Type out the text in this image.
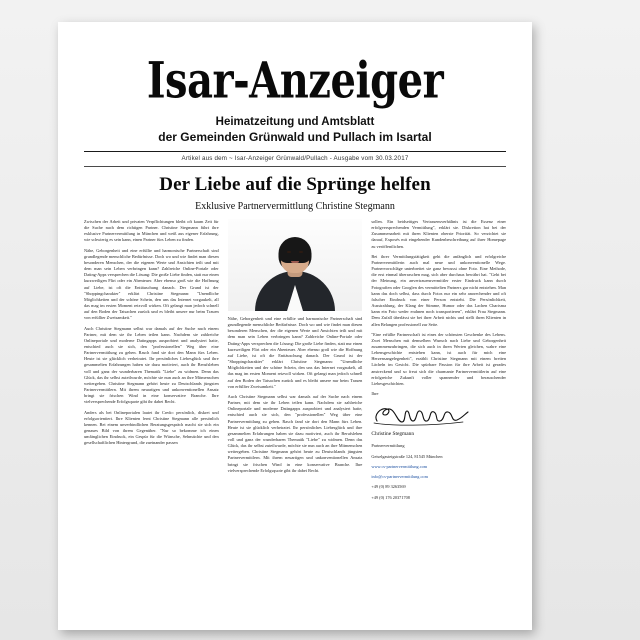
Isar-Anzeiger
Heimatzeitung und Amtsblatt
der Gemeinden Grünwald und Pullach im Isartal
Artikel aus dem ~ Isar-Anzeiger Grünwald/Pullach - Ausgabe vom 30.03.2017
Der Liebe auf die Sprünge helfen
Exklusive Partnervermittlung Christine Stegmann

Zwischen der Arbeit und privaten Verpflichtungen bleibt oft kaum Zeit für die Suche nach dem richtigen Partner. Christine Stegmann führt ihre exklusive Partnervermittlung in München und weiß aus eigener Erfahrung, wie schwierig es sein kann, einen Partner fürs Leben zu finden.

Nähe, Geborgenheit und eine erfüllte und harmonische Partnerschaft sind grundlegende menschliche Bedürfnisse. Doch wo und wie findet man diesen besonderen Menschen, der die eigenen Werte und Ansichten teilt und mit dem man sein Leben verbringen kann? Zahlreiche Online-Portale oder Dating-Apps versprechen die Lösung: Die große Liebe finden, statt nur einen kurzweiligen Flirt oder ein Abenteuer. Aber ebenso groß wie die Hoffnung auf Liebe, ist oft die Enttäuschung danach. Der Grund ist der "Shoppingcharakter" erklärt Christine Stegmann: "Unendliche Möglichkeiten und der schöne Schein, den uns das Internet vorgaukelt, all das mag im ersten Moment reizvoll wirken. Oft gelangt man jedoch schnell auf den Boden der Tatsachen zurück und es bleibt unsere nur beim Trauen von erfüllter Zweisamkeit."

Auch Christine Stegmann selbst war damals auf der Suche nach einem Partner, mit dem sie ihr Leben teilen kann. Nachdem sie zahlreiche Onlineportale und moderne Datingapps ausprobiert und analysiert hatte, entschied auch sie sich, den "professionellen" Weg über eine Partnervermittlung zu gehen. Rasch fand sie dort den Mann fürs Leben. Heute ist sie glücklich verheiratet. Ihr persönliches Liebesglück und ihre gesammelten Erfahrungen haben sie dazu motiviert, auch ihr Berufsleben voll und ganz der wunderbaren Thematik "Liebe" zu widmen. Denn das Glück, das ihr selbst zuteilwurde, möchte sie nun auch an ihre Mitmenschen weitergeben. Christine Stegmann gehört heute zu Deutschlands jüngsten Partnervermittlern. Mit ihrem neuartigen und unkonventionellen Ansatz bringt sie frischen Wind in eine konservative Branche. Ihre vielversprechende Erfolgsquote gibt ihr dabei Recht.

Anders als bei Onlineportalen lautet ihr Credo: persönlich, diskret und erfolgsorientiert. Ihre Klienten lernt Christine Stegmann alle persönlich kennen. Bei einem unverbindlichen Beratungsgespräch macht sie sich ein genaues Bild von ihrem Gegenüber. "Nur so bekomme ich einen umfänglichen Eindruck, ein Gespür für die Wünsche, Sehnsüchte und den gesellschaftlichen Hintergrund, die zueinander passen

Nähe, Geborgenheit und eine erfüllte und harmonische Partnerschaft sind grundlegende menschliche Bedürfnisse. Doch wo und wie findet man diesen besonderen Menschen, der die eigenen Werte und Ansichten teilt und mit dem man sein Leben verbringen kann? Zahlreiche Online-Portale oder Dating-Apps versprechen die Lösung: Die große Liebe finden, statt nur einen kurzweiligen Flirt oder ein Abenteuer. Aber ebenso groß wie die Hoffnung auf Liebe, ist oft die Enttäuschung danach. Der Grund ist der "Shoppingcharakter" erklärt Christine Stegmann: "Unendliche Möglichkeiten und der schöne Schein, den uns das Internet vorgaukelt, all das mag im ersten Moment reizvoll wirken. Oft gelangt man jedoch schnell auf den Boden der Tatsachen zurück und es bleibt unsere nur beim Trauen von erfüllter Zweisamkeit."

Auch Christine Stegmann selbst war damals auf der Suche nach einem Partner, mit dem sie ihr Leben teilen kann. Nachdem sie zahlreiche Onlineportale und moderne Datingapps ausprobiert und analysiert hatte, entschied auch sie sich, den "professionellen" Weg über eine Partnervermittlung zu gehen. Rasch fand sie dort den Mann fürs Leben. Heute ist sie glücklich verheiratet. Ihr persönliches Liebesglück und ihre gesammelten Erfahrungen haben sie dazu motiviert, auch ihr Berufsleben voll und ganz der wunderbaren Thematik "Liebe" zu widmen. Denn das Glück, das ihr selbst zuteilwurde, möchte sie nun auch an ihre Mitmenschen weitergeben. Christine Stegmann gehört heute zu Deutschlands jüngsten Partnervermittlern. Mit ihrem neuartigen und unkonventionellen Ansatz bringt sie frischen Wind in eine konservative Branche. Ihre vielversprechende Erfolgsquote gibt ihr dabei Recht.

sollen. Ein beidseitiges Vertrauensverhältnis ist die Essenz einer erfolgversprechenden Vermittlung", erklärt sie. Diskretion hat bei der Zusammenarbeit mit ihren Klienten oberste Priorität. So verzichtet sie darauf, Exposés mit eingehender Kundenbeschreibung auf ihrer Homepage zu veröffentlichen.

Bei ihrer Vermittlungstätigkeit geht die anfänglich und erfolgreiche Partnervermittlerin auch mal neue und unkonventionelle Wege. Partnervorschläge unterbreitet sie ganz bewusst ohne Foto. Eine Methode, die erst einmal überraschen mag, sich aber durchaus bewährt hat. "Geht bei der Meinung, ein anvertrauensvermittler erster Eindruck kann durch Fotografien oder Googlen des vermittelten Partners gar nicht entstehen. Man kann das doch selbst, dass durch Fotos nur ein sehr anorechender und oft falscher Eindruck von einer Person entsteht. Die Persönlichkeit, Ausstrahlung, der Klang der Stimme, Humor oder das Lachen Charisma kann ein Foto weder erahnen noch transportieren", erklärt Frau Stegmann. Dem Zufall überlässt sie bei ihrer Arbeit nichts und stellt ihren Klienten in allen Belangen professionell zur Seite.

"Eine erfüllte Partnerschaft ist eines der schönsten Geschenke des Lebens. Zwei Menschen mit demselben Wunsch nach Liebe und Geborgenheit zusammenzubringen, die sich auch in ihren Werten gleichen, wahre eine Lebensgeschichte entstehen kann, ist auch für mich eine Herzensangelegenheit", erzählt Christine Stegmann mit einem breiten Lächeln im Gesicht. Die spürbare Passion für ihre Arbeit ist gerades anstreckend und so freut sich die charmante Partnervermittlerin auf eine erfolgreiche Zukunft voller spannender und berauschender Liebesgeschichten.

Ihre

Christine Stegmann

Partnervermittlung

Geiselgasteigstraße 124, 81545 München

www.cs-partnervermittlung.com

info@cs-partnervermittlung.com

+49 (0) 89 3263569

+49 (0) 176 20371708
